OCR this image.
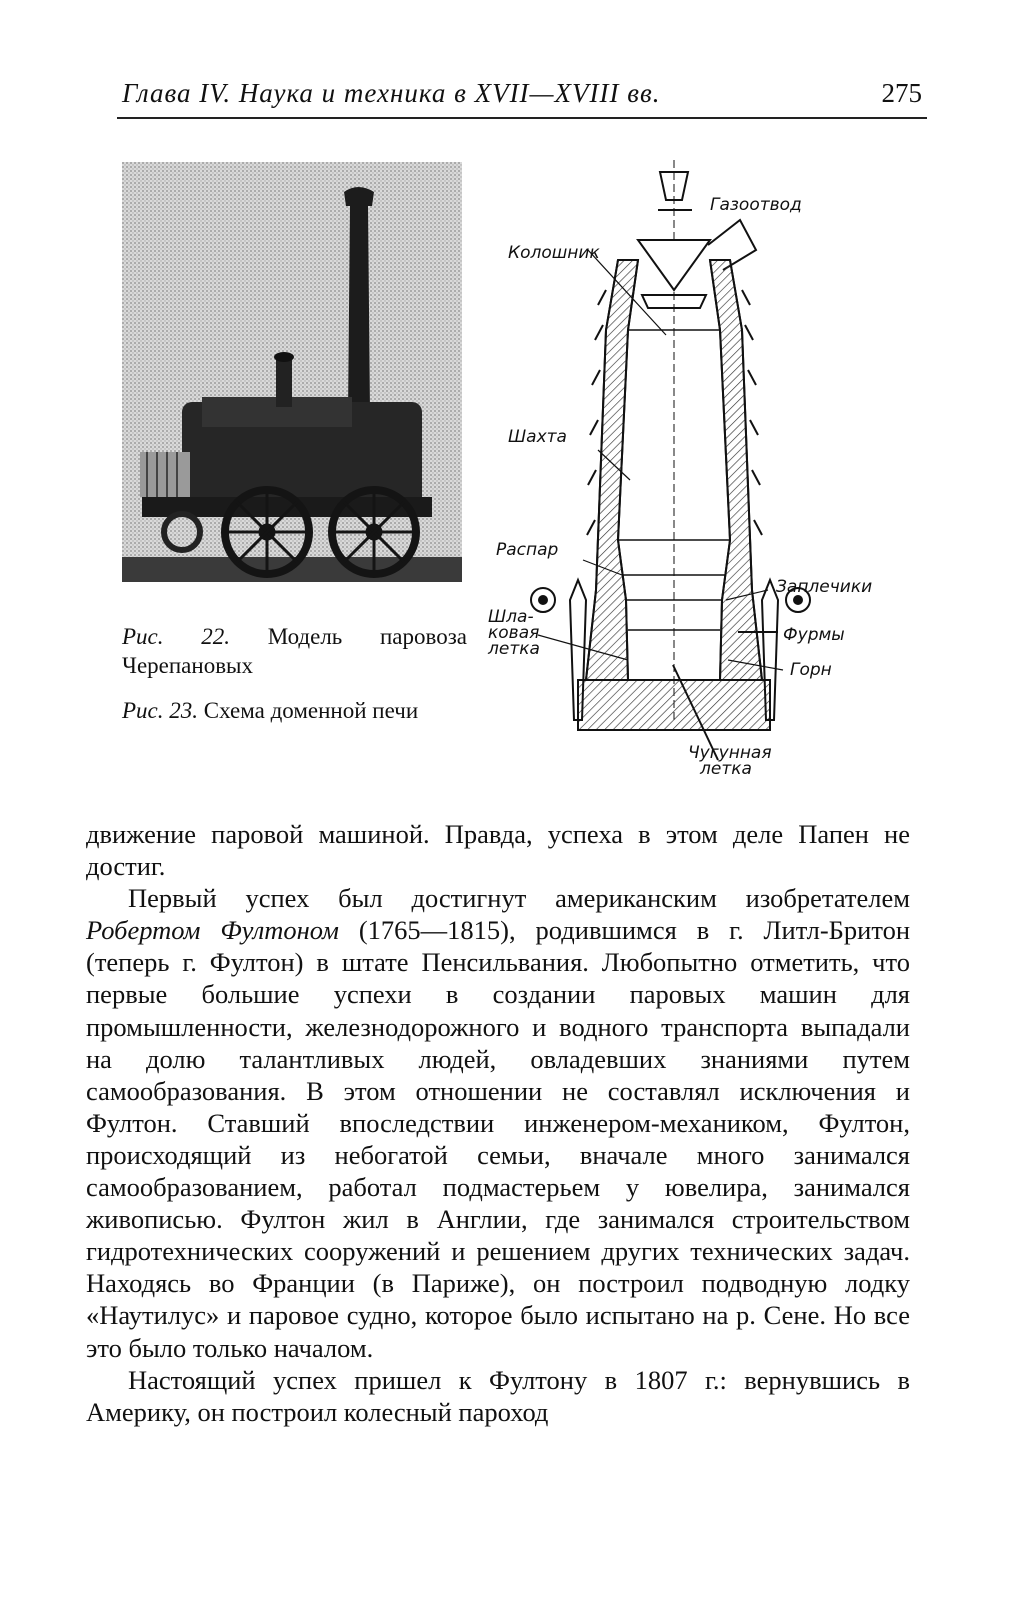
Глава IV. Наука и техника в XVII—XVIII вв.	275
Газоотвод
Колошник
Шахта
Распар
Заплечики
Шла-
ковая
летка
Фурмы
Горн
Чугунная
летка
Рис. 22. Модель паровоза Черепановых
Рис. 23. Схема доменной печи

движение паровой машиной. Правда, успеха в этом деле Папен не достиг.

Первый успех был достигнут американским изобретателем Робертом Фултоном (1765—1815), родившимся в г. Литл-Бритон (теперь г. Фултон) в штате Пенсильвания. Любопытно отметить, что первые большие успехи в создании паровых машин для промышленности, железнодорожного и водного транспорта выпадали на долю талантливых людей, овладевших знаниями путем самообразования. В этом отношении не составлял исключения и Фултон. Ставший впоследствии инженером-механиком, Фултон, происходящий из небогатой семьи, вначале много занимался самообразованием, работал подмастерьем у ювелира, занимался живописью. Фултон жил в Англии, где занимался строительством гидротехнических сооружений и решением других технических задач. Находясь во Франции (в Париже), он построил подводную лодку «Наутилус» и паровое судно, которое было испытано на р. Сене. Но все это было только началом.

Настоящий успех пришел к Фултону в 1807 г.: вернувшись в Америку, он построил колесный пароход
